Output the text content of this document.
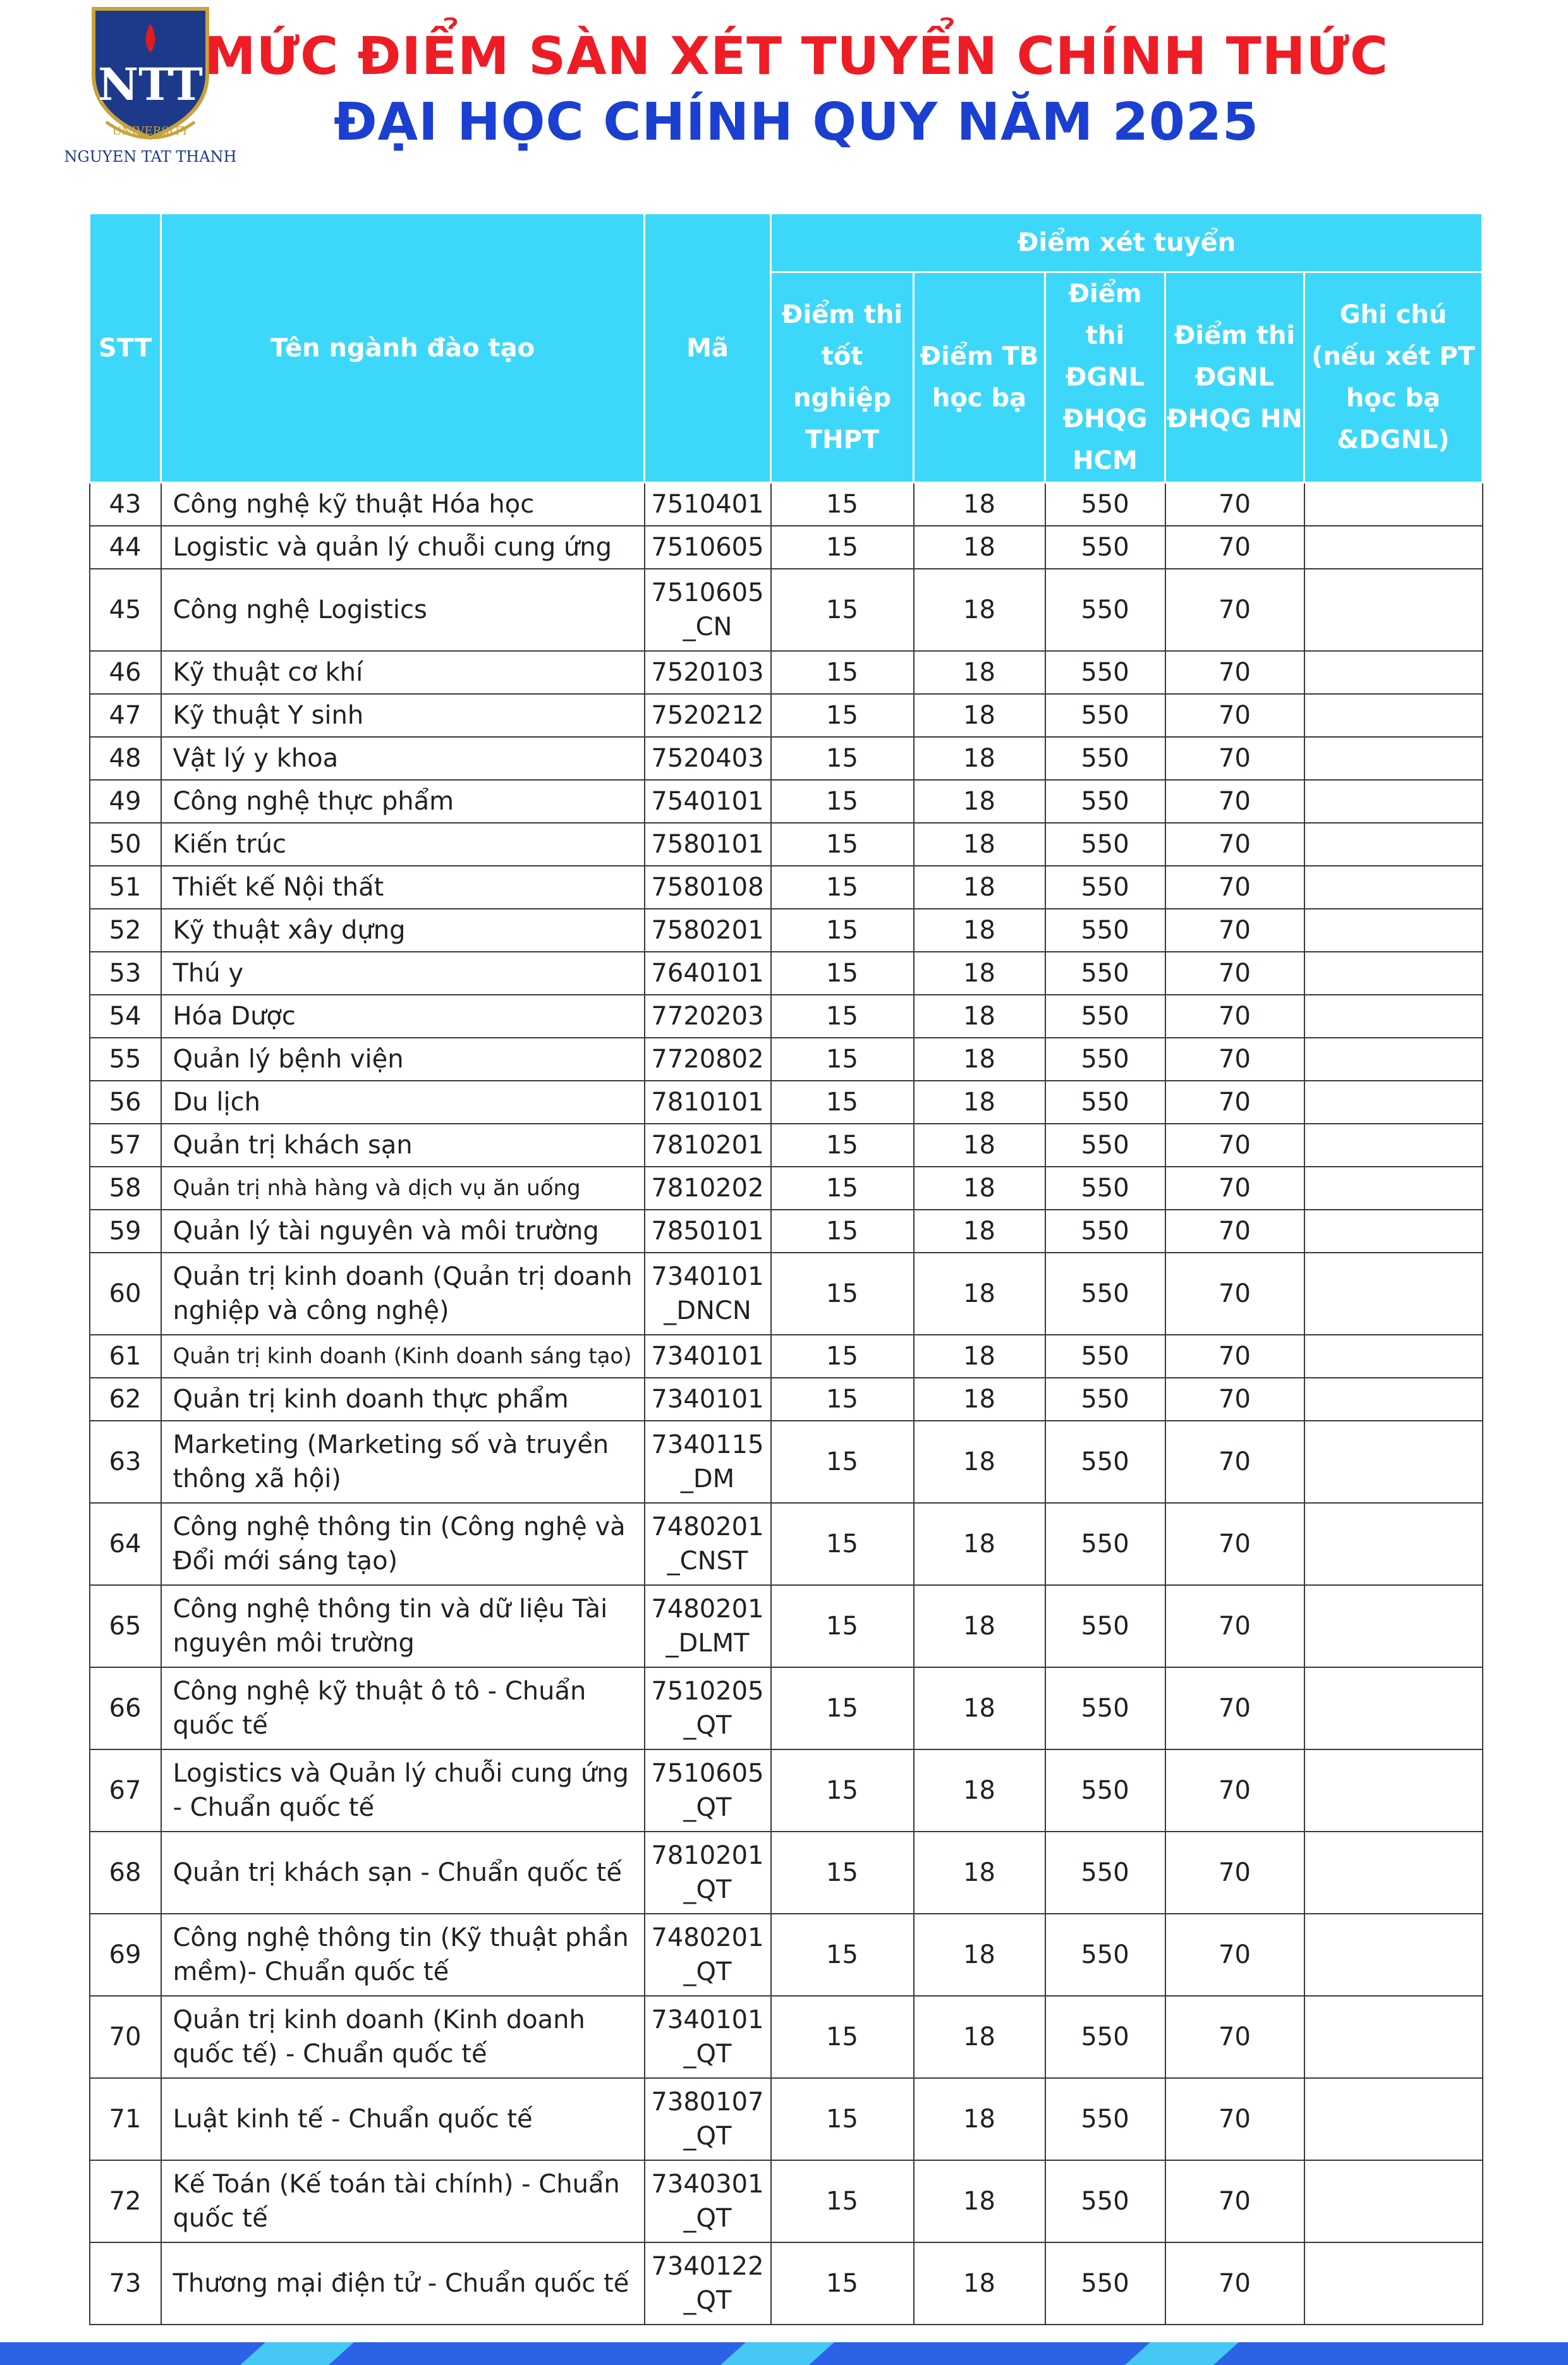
NTT
UNIVERSITY
NGUYEN TAT THANH
MỨC ĐIỂM SÀN XÉT TUYỂN CHÍNH THỨC
ĐẠI HỌC CHÍNH QUY NĂM 2025
STT	Tên ngành đào tạo	Mã	Điểm xét tuyển				
			Điểm thi tốt nghiệp THPT	Điểm TB học bạ	Điểm thi ĐGNL ĐHQG HCM	Điểm thi ĐGNL ĐHQG HN	Ghi chú (nếu xét PT học bạ &DGNL)
43	Công nghệ kỹ thuật Hóa học	7510401	15	18	550	70	
44	Logistic và quản lý chuỗi cung ứng	7510605	15	18	550	70	
45	Công nghệ Logistics	7510605 _CN	15	18	550	70	
46	Kỹ thuật cơ khí	7520103	15	18	550	70	
47	Kỹ thuật Y sinh	7520212	15	18	550	70	
48	Vật lý y khoa	7520403	15	18	550	70	
49	Công nghệ thực phẩm	7540101	15	18	550	70	
50	Kiến trúc	7580101	15	18	550	70	
51	Thiết kế Nội thất	7580108	15	18	550	70	
52	Kỹ thuật xây dựng	7580201	15	18	550	70	
53	Thú y	7640101	15	18	550	70	
54	Hóa Dược	7720203	15	18	550	70	
55	Quản lý bệnh viện	7720802	15	18	550	70	
56	Du lịch	7810101	15	18	550	70	
57	Quản trị khách sạn	7810201	15	18	550	70	
58	Quản trị nhà hàng và dịch vụ ăn uống	7810202	15	18	550	70	
59	Quản lý tài nguyên và môi trường	7850101	15	18	550	70	
60	Quản trị kinh doanh (Quản trị doanh nghiệp và công nghệ)	7340101 _DNCN	15	18	550	70	
61	Quản trị kinh doanh (Kinh doanh sáng tạo)	7340101	15	18	550	70	
62	Quản trị kinh doanh thực phẩm	7340101	15	18	550	70	
63	Marketing (Marketing số và truyền thông xã hội)	7340115 _DM	15	18	550	70	
64	Công nghệ thông tin (Công nghệ và Đổi mới sáng tạo)	7480201 _CNST	15	18	550	70	
65	Công nghệ thông tin và dữ liệu Tài nguyên môi trường	7480201 _DLMT	15	18	550	70	
66	Công nghệ kỹ thuật ô tô - Chuẩn quốc tế	7510205 _QT	15	18	550	70	
67	Logistics và Quản lý chuỗi cung ứng - Chuẩn quốc tế	7510605 _QT	15	18	550	70	
68	Quản trị khách sạn - Chuẩn quốc tế	7810201 _QT	15	18	550	70	
69	Công nghệ thông tin (Kỹ thuật phần mềm)- Chuẩn quốc tế	7480201 _QT	15	18	550	70	
70	Quản trị kinh doanh (Kinh doanh quốc tế) - Chuẩn quốc tế	7340101 _QT	15	18	550	70	
71	Luật kinh tế - Chuẩn quốc tế	7380107 _QT	15	18	550	70	
72	Kế Toán (Kế toán tài chính) - Chuẩn quốc tế	7340301 _QT	15	18	550	70	
73	Thương mại điện tử - Chuẩn quốc tế	7340122 _QT	15	18	550	70	
